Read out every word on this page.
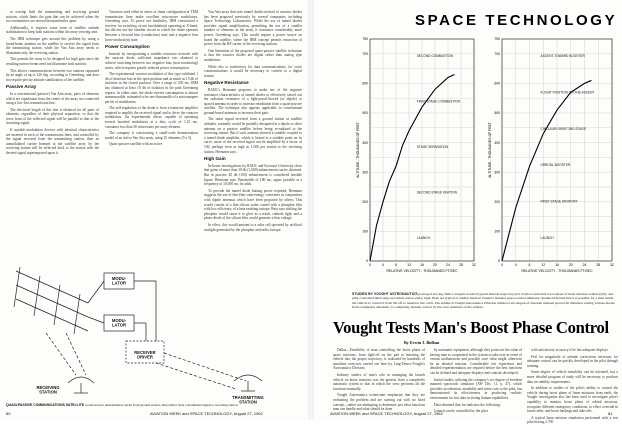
to overlap both the transmitting and receiving ground stations, which limits the gain that can be achieved when the two transmitters are several thousand miles apart.

Additionally, it requires some form of satellite attitude stabilization to keep both stations within the array viewing area.

The IBM technique gets around this problem by using a broad-beam antenna on the satellite to receive the signal from the transmitting station, while the Van Atta array needs to illuminate only the receiving station.

This permits the array to be designed for high gain since the resulting narrow beam need not illuminate both stations.

This allows communications between two stations separated by an angle of up to 120 deg. according to Greenberg, and does not require precise attitude stabilization of the satellite.

Passive Array

In a conventional (passive) Van Atta array, pairs of elements which are equidistant from the center of the array are connected using a low-loss transmission line.

The electrical length of this line is identical for all pairs of elements, regardless of their physical separation, so that the wave front of the reflected signal will be parallel to that of the incoming signal.

If suitable modulation devices with identical characteristics are inserted in each of the transmission lines, and controlled by the signal received from the transmitting station, then an unmodulated carrier beamed at the satellite array by the receiving station will be reflected back to the station with the desired signal superimposed upon it.

Varactors used either in series or shunt configuration in TEM transmission lines make excellent microwave modulators, Greenberg says. To prove out feasibility, IBM constructed a receiver for switching circuit (modulation) operating at X-band, but did not use the familiar circuit in which the diode operates between a forward bias (conduction) state and a negative bias (non-conduction) state.

Power Consumption

Instead, by incorporating a suitable reactance network with the varactor diode, sufficient impedance was obtained to achieve switching between two negative bias (non-conducting) states, which requires greatly reduced power consumption.

The experimental varactor modulator of this type exhibited 1 db of insertion loss in the open position and as much as 15 db of isolation in the closed position. Over a range of 250 mc, IBM has obtained at least 10 db of isolation in the path Greenberg reports. In either state, the diode current consumption is almost immeasurable, estimated to be one-thousandth of a microampere per bit of modulation.

The self-regulation of the diode is from a transistor amplifier required to amplify the received signal and to drive the varactor modulators. An experimental driver, capable of operating several hundred modulators at a duty cycle of 1.25 mc, consumes less than 50 microwatts per array element.

The company is constructing a small-scale demonstration model of an active Van Atta array, using 25 elements (5 x 5).

Quasi-passive satellite with an active

Van Atta array that uses tunnel diodes instead of varactor diodes has been proposed previously by several companies, including Space Technology Laboratories. While the use of tunnel diodes provides signal amplification, permitting the use of a smaller number of elements in the array, it consumes considerably more power, Greenberg says. This would require a power source on board the satellite, where the IBM concept permits extraction of power from the RF carrier of the receiving stations.

One limitation of the proposed quasi-passive satellite technique is that the varactor diodes are digital rather than analog type modulators.

While this is satisfactory for data communications, for voice communications it would be necessary to convert to a digital format.

Negative Resistance

RADC's Hermann proposes to make use of the negative resistance characteristics of tunnel diodes to effectively cancel out the radiation resistance of a light-pencil-bowed (or dipole) or spaced antenna in order to increase reradiation from a quasi-passive satellite. The technique also appears applicable to conventional ground-based antennas to increase their gain.

The radar signal received from a ground station at satellite altitudes, normally would be partially dissipated in a dipole or other antenna on a passive satellite before being re-radiated to the receiving station. But if such antenna showed a suitable coupled to a tunnel-diode amplifier, which is biased to a suitable point on its curve, more of the received signal can be amplified by a factor of 100, perhaps even as high as 1,000 per station to the receiving station, Hermann says.

High Gain

In-house investigations by RADC and Syracuse University show that gains of more than 30 db (1,000) enhancement can be obtained. But in practice 20 db (100) enhancement is considered feasible figure, Hermann says. Bandwidth of 180 mc, upper possible at a frequency of 10,000 mc, he adds.

To provide the tunnel diode biasing power required, Hermann suggests the use of thin-film solar-energy converters in conjunction with dipole antennas which have been proposed by others. This would consist of a thin silicon wafer coated with a phosphor film with low efficiency of a beta emitting isotope. Beta rays striking the phosphor would cause it to glow as a result, cathode light, and a photo-diode of the silicon film would generate a bias voltage.

In effect, this would amount to a solar cell operated by artificial sunlight generated by the phosphor and radio-isotope.

MODU-LATOR
MODU-LATOR
RECEIVER DRIVER
RECEIVING STATION
TRANSMITTING STATION
QUASI-PASSIVE COMMUNICATIONS SATELLITE would receive unmodulated carrier from ground station, then reflect back a modulated signal to receiving station.
80	AVIATION WEEK and SPACE TECHNOLOGY, August 27, 1962
SPACE TECHNOLOGY
0	4	8	12	16	20	24	28	32
0
100
200
300
400
500
600
700
750
RELATIVE VELOCITY - THOUSANDS FT/SEC
ALTITUDE - THOUSANDS OF FEET
SECOND COMBUSTION
FIRST STAGE COMBUSTION
STAGE SEPARATION
SECOND STAGE IGNITION
LAUNCH
0	4	8	12	16	20	24	28	32
0
100
200
300
400
500
600
700
750
RELATIVE VELOCITY - THOUSANDS FT/SEC
ALTITUDE - THOUSANDS OF FEET
ASCENT-TOWARD BOOSTER
FLIGHT POSITION ON THE ASCENT
CIRCULAR ORBIT 2ND STAGE
ORBITAL BOOSTER
FIRST STAGE DROPOFF
LAUNCH
STUDIES BY VOUGHT ASTRONAUTICS portrayed in Ling-Temco-Vought revealed typical altitude trajectory plot of pilot-controlled boost phase of lunar mission-vehicle (left), and pilot-controlled third-stage procedure and re-entry, right. Both are typical of studies made in Vought's manned space-control simulator. Studies indicated that it is possible for a man inside the vehicle to control it from lift-off to insertion into orbit. The studies at Vought Astronautics Division utilized a six-degree-of-freedom manned spacecraft simulator testing various modes from completely automatic to completely manual control by the crew members of the vehicle.
Vought Tests Man's Boost Phase Control
By Erwin J. Bulban

Dallas—Feasibility of man controlling the boost phase of space missions, from light-off on the pad to inserting the vehicle into the proper trajectory, is indicated by hundreds of simulator exercises carried out here by Ling-Temco-Vought's Astronautics Division.

Industry studies of man's role in managing the launch vehicle on boost missions was the genesis from a completely automatic system to that in which the crew performs all the functions manually.

Vought Astronautics technicians emphasize that they are evaluating the problem and are starting out with no fixed concept—rather are attempting to determine just what functions man can handle and what should be done

by automatic equipment, although they point out the value of having man so cooperated in the system to take over in event of certain malfunctions and possibly save what might otherwise be an aborted mission. Considerable test experience and detailed experimentation are required before the best functions can be defined and adequate displays and controls developed.

Initial studies, utilizing the company's six-degree-of-freedom manned spacecraft simulator (AW Dec. 11, p. 47), which provides acceleration, instability and noise cues to the pilot, has demonstrated its effectiveness in producing realistic environment for test data in testing human capabilities.

Data obtained thus far indicates the following:

Launch can be controlled by the pilot

with satisfactory accuracy if he has adequate displays.

Feel for magnitude of attitude corrections necessary for adequate control can be quickly developed in the pilot through training.

Some degree of vehicle instability can be tolerated, but a more detailed program of study will be necessary to produce data on stability requirements.

In addition to studies of the pilot's ability to control the vehicle during boost phase of lunar missions from earth, the Vought investigation also has been used to investigate pilot's capability to monitor boost phase of orbital missions, recognize different emergency conditions, to effect override in future orbit, and boost landings and take-offs.

A typical lunar mission simulation performed with a test pilot having 2,700

AVIATION WEEK and SPACE TECHNOLOGY, August 27, 1962	81
